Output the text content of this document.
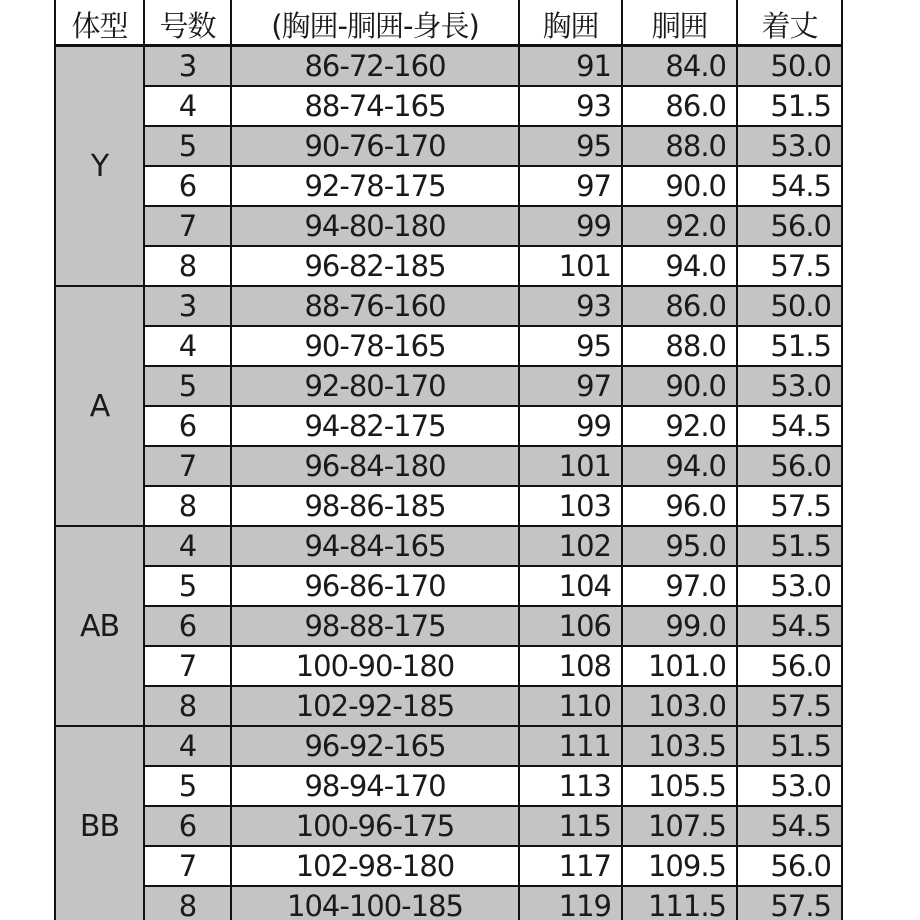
体型	号数	(胸囲‐胴囲‐身長)	胸囲	胴囲	着丈
Y	3	86‐72‐160	91	84.0	50.0
	4	88‐74‐165	93	86.0	51.5
	5	90‐76‐170	95	88.0	53.0
	6	92‐78‐175	97	90.0	54.5
	7	94‐80‐180	99	92.0	56.0
	8	96‐82‐185	101	94.0	57.5
A	3	88‐76‐160	93	86.0	50.0
	4	90‐78‐165	95	88.0	51.5
	5	92‐80‐170	97	90.0	53.0
	6	94‐82‐175	99	92.0	54.5
	7	96‐84‐180	101	94.0	56.0
	8	98‐86‐185	103	96.0	57.5
AB	4	94‐84‐165	102	95.0	51.5
	5	96‐86‐170	104	97.0	53.0
	6	98‐88‐175	106	99.0	54.5
	7	100‐90‐180	108	101.0	56.0
	8	102‐92‐185	110	103.0	57.5
BB	4	96‐92‐165	111	103.5	51.5
	5	98‐94‐170	113	105.5	53.0
	6	100‐96‐175	115	107.5	54.5
	7	102‐98‐180	117	109.5	56.0
	8	104‐100‐185	119	111.5	57.5
